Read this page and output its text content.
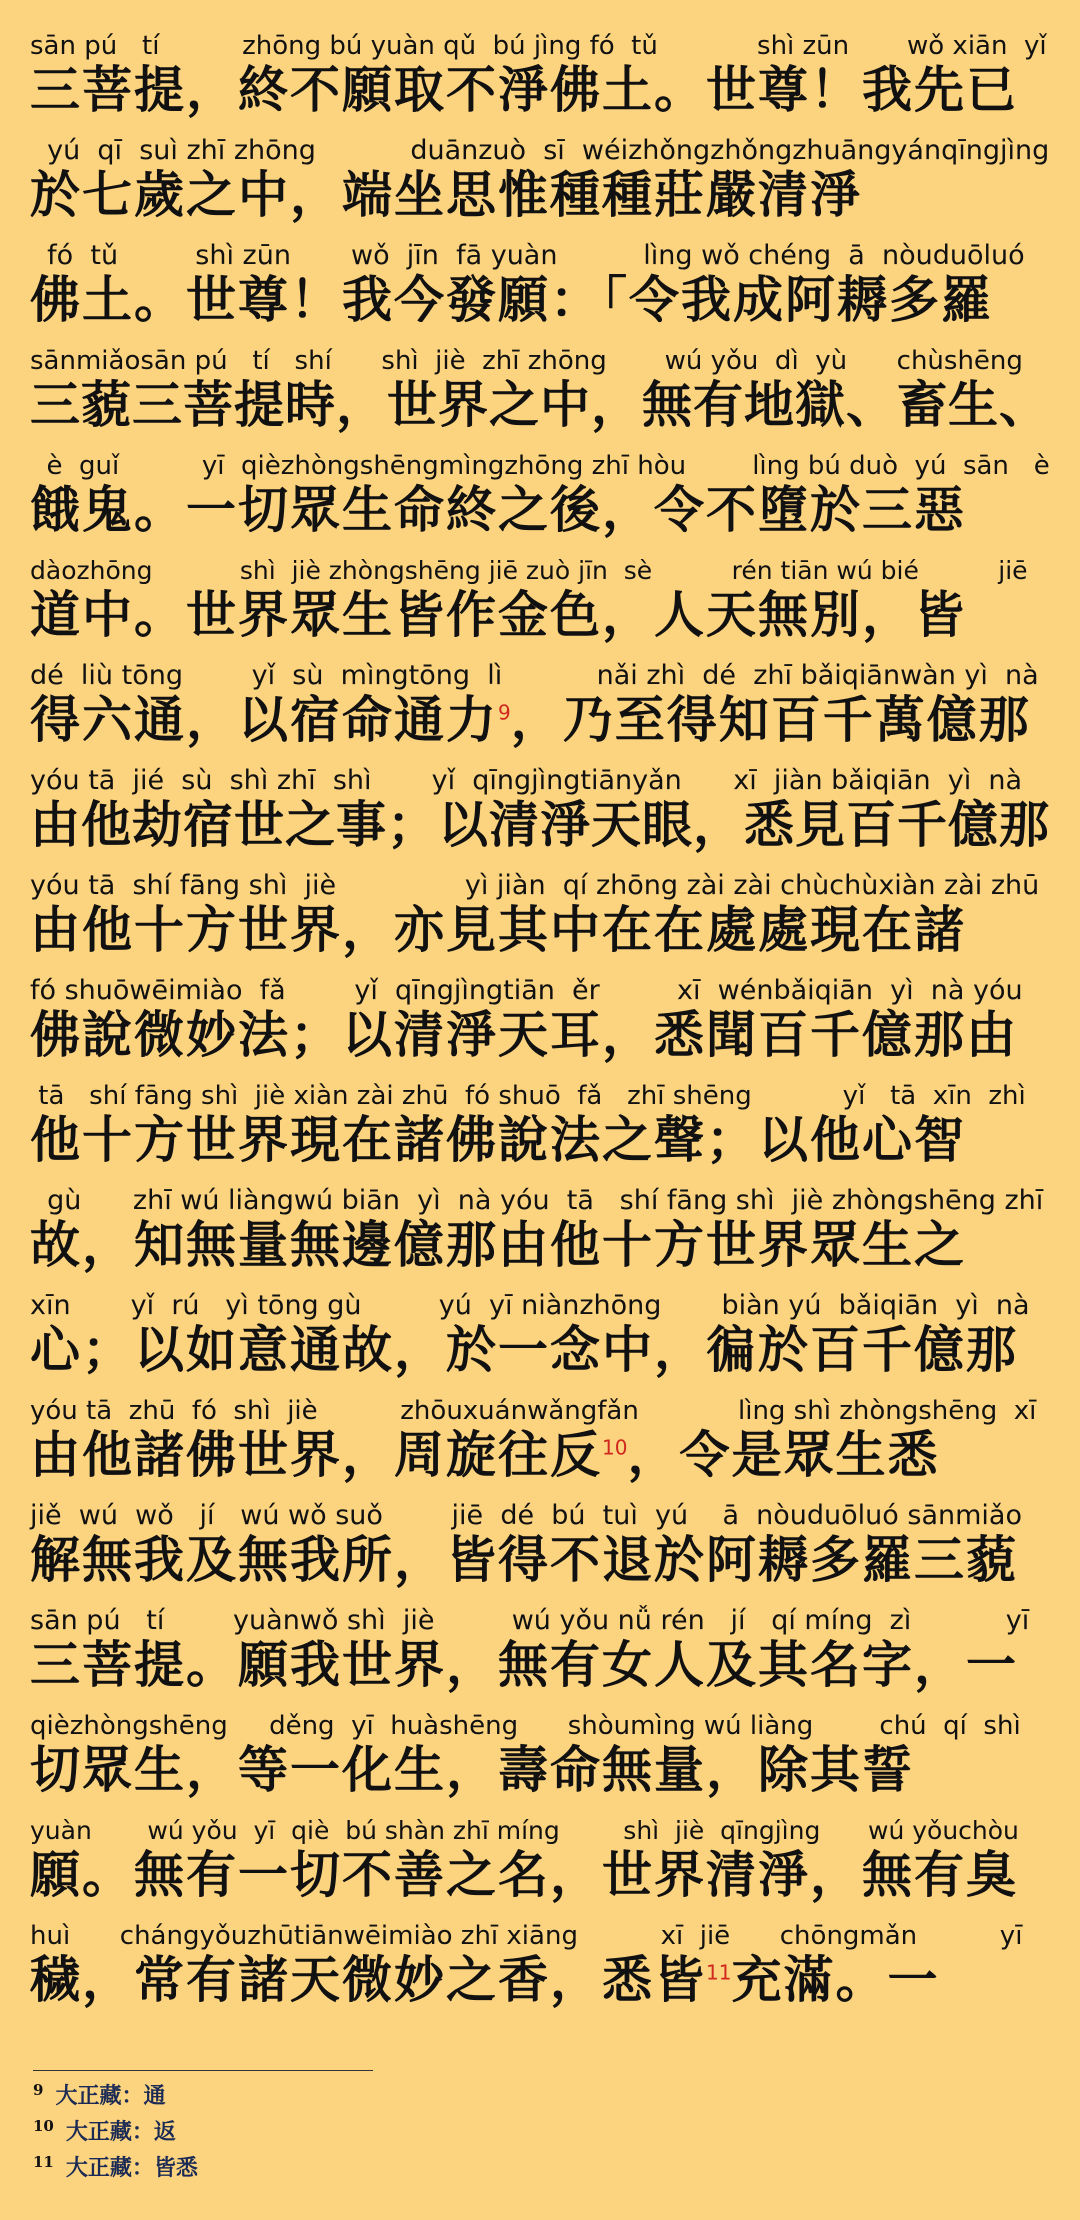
sān pú   tí          zhōng bú yuàn qǔ  bú jìng fó  tǔ            shì zūn       wǒ xiān  yǐ
三菩提，終不願取不淨佛土。世尊！我先已
yú  qī  suì zhī zhōng           duānzuò  sī  wéizhǒngzhǒngzhuāngyánqīngjìng
於七歲之中，端坐思惟種種莊嚴清淨
fó  tǔ         shì zūn       wǒ  jīn  fā yuàn          lìng wǒ chéng  ā  nòuduōluó
佛土。世尊！我今發願：「令我成阿耨多羅
sānmiǎosān pú   tí   shí      shì  jiè  zhī zhōng       wú yǒu  dì  yù      chùshēng
三藐三菩提時，世界之中，無有地獄、畜生、
è  guǐ          yī  qièzhòngshēngmìngzhōng zhī hòu        lìng bú duò  yú  sān   è
餓鬼。一切眾生命終之後，令不墮於三惡
dàozhōng           shì  jiè zhòngshēng jiē zuò jīn  sè          rén tiān wú bié          jiē
道中。世界眾生皆作金色，人天無別，皆
dé  liù tōng        yǐ  sù  mìngtōng  lì           nǎi zhì  dé  zhī bǎiqiānwàn yì  nà
得六通，以宿命通力$^9$，乃至得知百千萬億那
yóu tā  jié  sù  shì zhī  shì       yǐ  qīngjìngtiānyǎn      xī  jiàn bǎiqiān  yì  nà
由他劫宿世之事；以清淨天眼，悉見百千億那
yóu tā  shí fāng shì  jiè               yì jiàn  qí zhōng zài zài chùchùxiàn zài zhū
由他十方世界，亦見其中在在處處現在諸
fó shuōwēimiào  fǎ        yǐ  qīngjìngtiān  ěr         xī  wénbǎiqiān  yì  nà yóu
佛說微妙法；以清淨天耳，悉聞百千億那由
tā   shí fāng shì  jiè xiàn zài zhū  fó shuō  fǎ   zhī shēng           yǐ   tā  xīn  zhì
他十方世界現在諸佛說法之聲；以他心智
gù      zhī wú liàngwú biān  yì  nà yóu  tā   shí fāng shì  jiè zhòngshēng zhī
故，知無量無邊億那由他十方世界眾生之
xīn       yǐ  rú   yì tōng gù         yú  yī niànzhōng       biàn yú  bǎiqiān  yì  nà
心；以如意通故，於一念中，徧於百千億那
yóu tā  zhū  fó  shì  jiè          zhōuxuánwǎngfǎn            lìng shì zhòngshēng  xī
由他諸佛世界，周旋往反$^{10}$，令是眾生悉
jiě  wú  wǒ   jí   wú wǒ suǒ        jiē  dé  bú  tuì  yú    ā  nòuduōluó sānmiǎo
解無我及無我所，皆得不退於阿耨多羅三藐
sān pú   tí        yuànwǒ shì  jiè         wú yǒu nǚ rén   jí   qí míng  zì           yī
三菩提。願我世界，無有女人及其名字，一
qièzhòngshēng     děng  yī  huàshēng      shòumìng wú liàng        chú  qí  shì
切眾生，等一化生，壽命無量，除其誓
yuàn       wú yǒu  yī  qiè  bú shàn zhī míng        shì  jiè  qīngjìng      wú yǒuchòu
願。無有一切不善之名，世界清淨，無有臭
huì      chángyǒuzhūtiānwēimiào zhī xiāng          xī  jiē      chōngmǎn          yī
穢，常有諸天微妙之香，悉皆$^{11}$充滿。一
$^9$ 大正藏：通
$^{10}$ 大正藏：返
$^{11}$ 大正藏：皆悉
